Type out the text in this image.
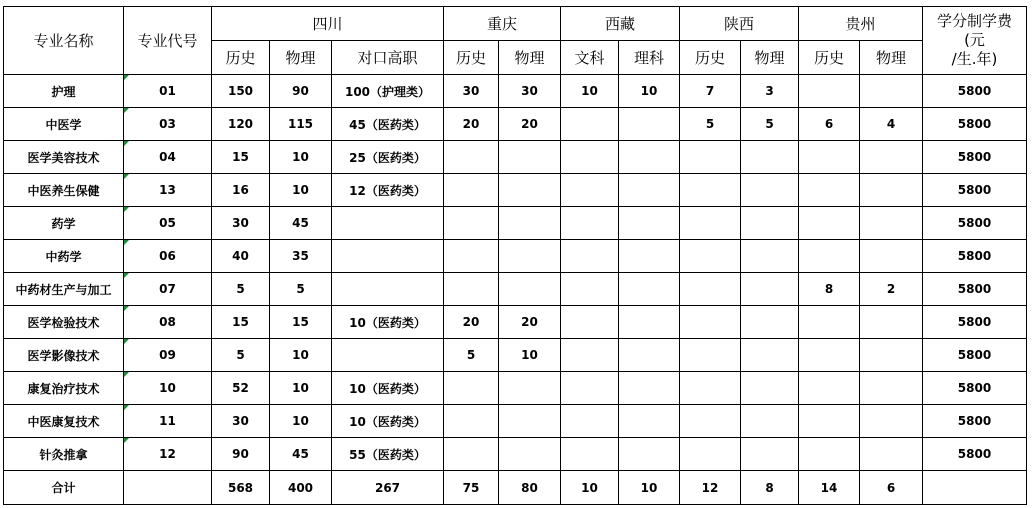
专业名称	专业代号	四川			重庆		西藏		陕西		贵州		学分制学费
(元
/生.年)

		历史	物理	对口高职	历史	物理	文科	理科	历史	物理	历史	物理	
护理	01	150	90	100（护理类）	30	30	10	10	7	3			5800
中医学	03	120	115	45（医药类）	20	20			5	5	6	4	5800
医学美容技术	04	15	10	25（医药类）									5800
中医养生保健	13	16	10	12（医药类）									5800
药学	05	30	45										5800
中药学	06	40	35										5800
中药材生产与加工	07	5	5								8	2	5800
医学检验技术	08	15	15	10（医药类）	20	20							5800
医学影像技术	09	5	10		5	10							5800
康复治疗技术	10	52	10	10（医药类）									5800
中医康复技术	11	30	10	10（医药类）									5800
针灸推拿	12	90	45	55（医药类）									5800
合计		568	400	267	75	80	10	10	12	8	14	6	
